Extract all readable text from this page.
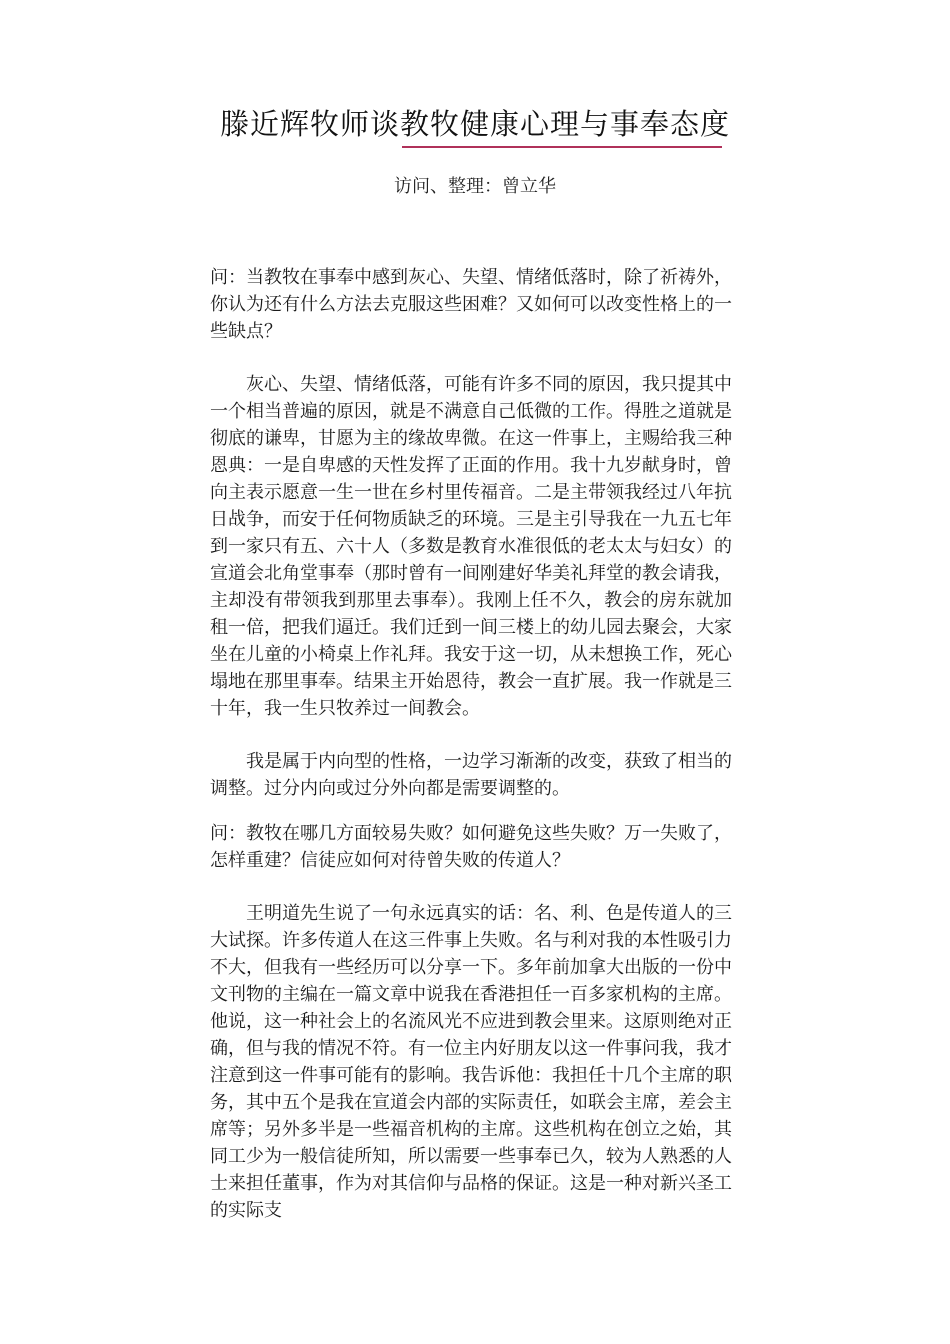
滕近辉牧师谈教牧健康心理与事奉态度
访问、整理：曾立华

问：当教牧在事奉中感到灰心、失望、情绪低落时，除了祈祷外，你认为还有什么方法去克服这些困难？又如何可以改变性格上的一些缺点？

灰心、失望、情绪低落，可能有许多不同的原因，我只提其中一个相当普遍的原因，就是不满意自己低微的工作。得胜之道就是彻底的谦卑，甘愿为主的缘故卑微。在这一件事上，主赐给我三种恩典：一是自卑感的天性发挥了正面的作用。我十九岁献身时，曾向主表示愿意一生一世在乡村里传福音。二是主带领我经过八年抗日战争，而安于任何物质缺乏的环境。三是主引导我在一九五七年到一家只有五、六十人（多数是教育水准很低的老太太与妇女）的宣道会北角堂事奉（那时曾有一间刚建好华美礼拜堂的教会请我，主却没有带领我到那里去事奉）。我刚上任不久，教会的房东就加租一倍，把我们逼迁。我们迁到一间三楼上的幼儿园去聚会，大家坐在儿童的小椅桌上作礼拜。我安于这一切，从未想换工作，死心塌地在那里事奉。结果主开始恩待，教会一直扩展。我一作就是三十年，我一生只牧养过一间教会。

我是属于内向型的性格，一边学习渐渐的改变，获致了相当的调整。过分内向或过分外向都是需要调整的。

问：教牧在哪几方面较易失败？如何避免这些失败？万一失败了，怎样重建？信徒应如何对待曾失败的传道人？

王明道先生说了一句永远真实的话：名、利、色是传道人的三大试探。许多传道人在这三件事上失败。名与利对我的本性吸引力不大，但我有一些经历可以分享一下。多年前加拿大出版的一份中文刊物的主编在一篇文章中说我在香港担任一百多家机构的主席。他说，这一种社会上的名流风光不应进到教会里来。这原则绝对正确，但与我的情况不符。有一位主内好朋友以这一件事问我，我才注意到这一件事可能有的影响。我告诉他：我担任十几个主席的职务，其中五个是我在宣道会内部的实际责任，如联会主席，差会主席等；另外多半是一些福音机构的主席。这些机构在创立之始，其同工少为一般信徒所知，所以需要一些事奉已久，较为人熟悉的人士来担任董事，作为对其信仰与品格的保证。这是一种对新兴圣工的实际支
